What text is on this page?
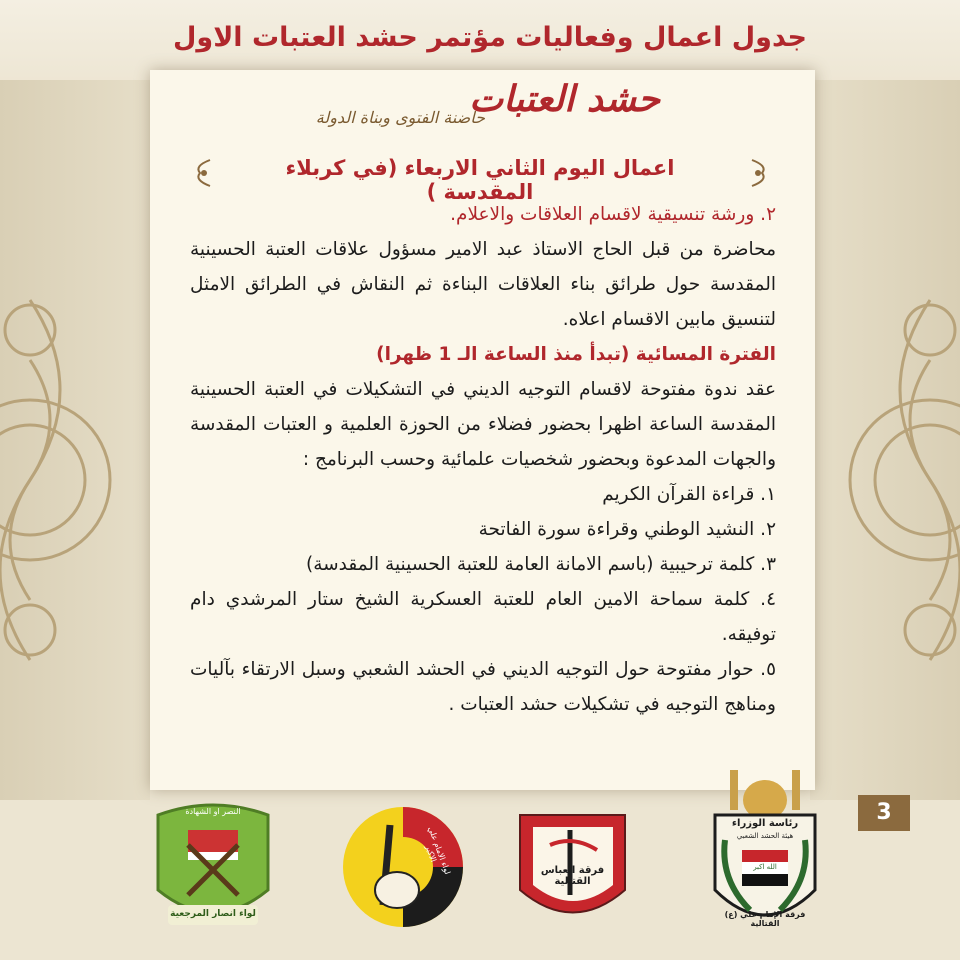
جدول اعمال وفعاليات مؤتمر حشد العتبات الاول
حشد العتبات
حاضنة الفتوى وبناة الدولة
اعمال اليوم الثاني الاربعاء (في كربلاء المقدسة )

٢. ورشة تنسيقية لاقسام العلاقات والاعلام.

محاضرة من قبل الحاج الاستاذ عبد الامير مسؤول علاقات العتبة الحسينية المقدسة حول طرائق بناء العلاقات البناءة ثم النقاش في الطرائق الامثل لتنسيق مابين الاقسام اعلاه.

الفترة المسائية (تبدأ منذ الساعة الـ 1 ظهرا)

عقد ندوة مفتوحة لاقسام التوجيه الديني في التشكيلات في العتبة الحسينية المقدسة الساعة اظهرا بحضور فضلاء من الحوزة العلمية و العتبات المقدسة والجهات المدعوة وبحضور شخصيات علمائية وحسب البرنامج :

١. قراءة القرآن الكريم

٢. النشيد الوطني وقراءة سورة الفاتحة

٣. كلمة ترحيبية (باسم الامانة العامة للعتبة الحسينية المقدسة)

٤. كلمة سماحة الامين العام للعتبة العسكرية الشيخ ستار المرشدي دام توفيقه.

٥. حوار مفتوحة حول التوجيه الديني في الحشد الشعبي وسبل الارتقاء بآليات ومناهج التوجيه في تشكيلات حشد العتبات .

3
النصر او الشهادة
لواء انصار المرجعية
لواء الامام علي الاكبر
فرقة العباس القتالية
رئاسة الوزراء
هيئة الحشد الشعبي
الله اكبر
فرقة الإمام علي (ع) القتالية
